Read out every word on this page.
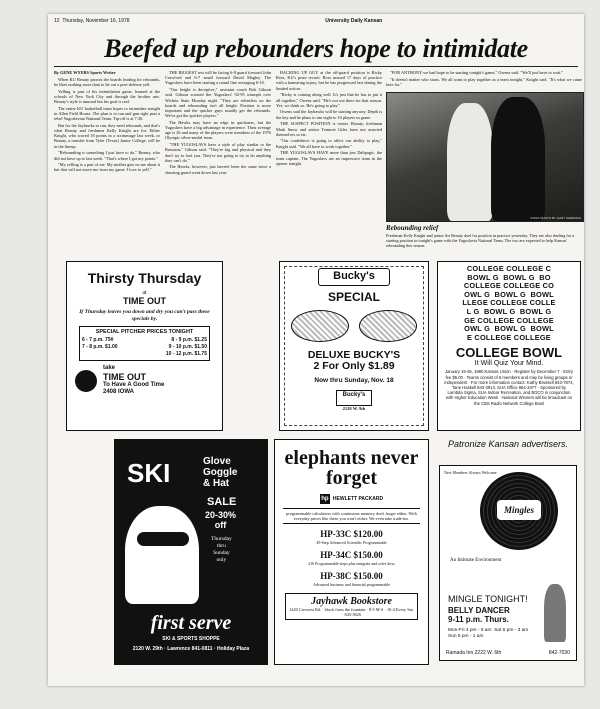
12 Thursday, November 16, 1978	University Daily Kansan
Beefed up rebounders hope to intimidate

By GENE WYERS Sports Writer

When KU Beauty parrots the boards leading for rebounds, he likes nothing more than to let out a post-defense yell.

Yelling is part of his intimidation game, learned at the schools of New York City and through the brother arts. Beauty's style is unusual but his goal is real.

The entire KU basketball team hopes to intimidate tonight in Allen Field House. The plan is to run and gun right past a rebel Yugoslavian National Team. Tip-off is at 7:30.

But for the Jayhawks to run, they need rebounds, and that's what Beauty and freshmen Kelly Knight are for. Either Knight, who scored 18 points in a scrimmage last week, or Beauty, a transfer from Tyler (Texas) Junior College, will be in the lineup.

"Rebounding is something I just have to do," Beauty, who did not have up to last week. "That's where I got my points."

"My yelling is a part of me. My mother gets on me about it but that will not move me from my game. I love to yell."

THE BIGGEST test will be facing 6-8 guard forward John Crawford and 6-7 small forward David Magley. The Yugoslavs have been starting a sound line averaging 6-10.

"Our height is deceptive," assistant coach Bob Gibson said. Gibson scouted the Yugoslavs' 92-95 triumph over Wichita State Monday night. "They are relentless on the boards and rebounding isn't all height. Position is more important and the quicker guys usually get the rebounds. We've got the quicker players."

The Hawks may have an edge in quickness, but the Yugoslavs have a big advantage in experience. Their average age is 26 and many of the players were members of the 1976 Olympic silver-medal team.

"THE YUGOSLAVS have a style of play similar to the Russians," Gibson said. "They're big and physical and they don't try to fool you. They're not going to try to do anything they can't do."

The Hawks, however, just haven't been the same since a shooting guard went down last year.

BACKING UP GUY at the off-guard position is Ricky Ross, KU's prize recruit. Ross missed 17 days of practice with a hamstring injury, but he has progressed fast during the limited action.

"Ricky is coming along well. It's just that he has to put it all together," Owens said. "He's not out there for that reason. Yes, we think so. He's going to play."

Owens said the Jayhawks will be starting anyway. Depth is the key and he plans to use eight to 10 players in game.

THE SUSPECT POSITION is center. Beauty, freshman Mark Snow and senior Tommie Giles have not asserted themselves so far.

"Our confidence is going to affect our ability to play," Knight said. "We all have to work together."

THE YUGOSLAVS HAVE more than just Dalipagic, the team captain. The Yugoslavs are an impressive team in the opener tonight.

"FOR ANTHONY we had hope to be starting tonight's game," Owens said. "We'll just have to wait."

"It doesn't matter who starts. We all want to play together as a team tonight," Knight said. "It's what we came here for."

STAFF PHOTO BY GARY SHERMAN
Rebounding relief
Freshman Kelly Knight and junior Art Beauty duel for position in practice yesterday. They are also dueling for a starting position in tonight's game with the Yugoslavia National Team. The two are expected to help Kansas' rebounding this season.
Thirsty Thursday
at
TIME OUT
If Thursday leaves you down and dry you can't pass these specials by.
SPECIAL PITCHER PRICES TONIGHT
6 - 7 p.m. 75¢	8 - 9 p.m. $1.25
7 - 8 p.m. $1.00	9 - 10 p.m. $1.50
10 - 12 p.m. $1.75
take
TIME OUT
To Have A Good Time
2408 IOWA
Bucky's
SPECIAL
DELUXE BUCKY'S
2 For Only $1.89
Now thru Sunday, Nov. 18
Bucky's
2120 W. 9th
COLLEGE COLLEGE C
BOWL G  BOWL G  BO
COLLEGE COLLEGE CO
OWL G  BOWL G  BOWL
LLEGE COLLEGE COLLE
L G  BOWL G  BOWL G
GE COLLEGE COLLEGE
OWL G  BOWL G  BOWL
E COLLEGE COLLEGE
COLLEGE BOWL
It Will Quiz Your Mind.
January 19-25, 1980 Kansas Union · Register by December 7 · Entry fee $5.00 · Teams consist of 5 members and may be living groups or independent · For more information contact: Kathy Brussell 843-7874, Tane Haskell 843-3913, SUA Office 864-3477 · Sponsored by Lambda Sigma, SUA Indoor Recreation, and BOCO in conjunction with Higher Education Week · National Winners will be broadcast on the CBS Radio Network College Bowl
SKI	Glove
Goggle
& Hat
SALE
20-30%
off
Thursday
thru
Sunday
only
first serve
SKI & SPORTS SHOPPE
2120 W. 29th · Lawrence 841-0811 · Holiday Plaza
elephants never forget
hp HEWLETT PACKARD
programmable calculators with continuous memory don't forget either. With everyday prices like these you won't either. We even take trade-ins.
HP-33C $120.00
49-Step Advanced Scientific Programmable
HP-34C $150.00
210 Programmable steps plus integrate and solve keys
HP-38C $150.00
Advanced business and financial programmable
Jayhawk Bookstore
1420 Crescent Rd. · block from the fountain · 8-5 M-S · 10-4 Every Sat. · 843-3826
Patronize Kansan advertisers.
New Members Always Welcome
Mingles
An Intimate Environment
MINGLE TONIGHT!
BELLY DANCER
9-11 p.m. Thurs.
Mon-Fri 4 pm - 3 am  Sat 6 pm - 3 am
Sun 6 pm - 1 am
Ramada Inn 2222 W. 6th	842-7030
